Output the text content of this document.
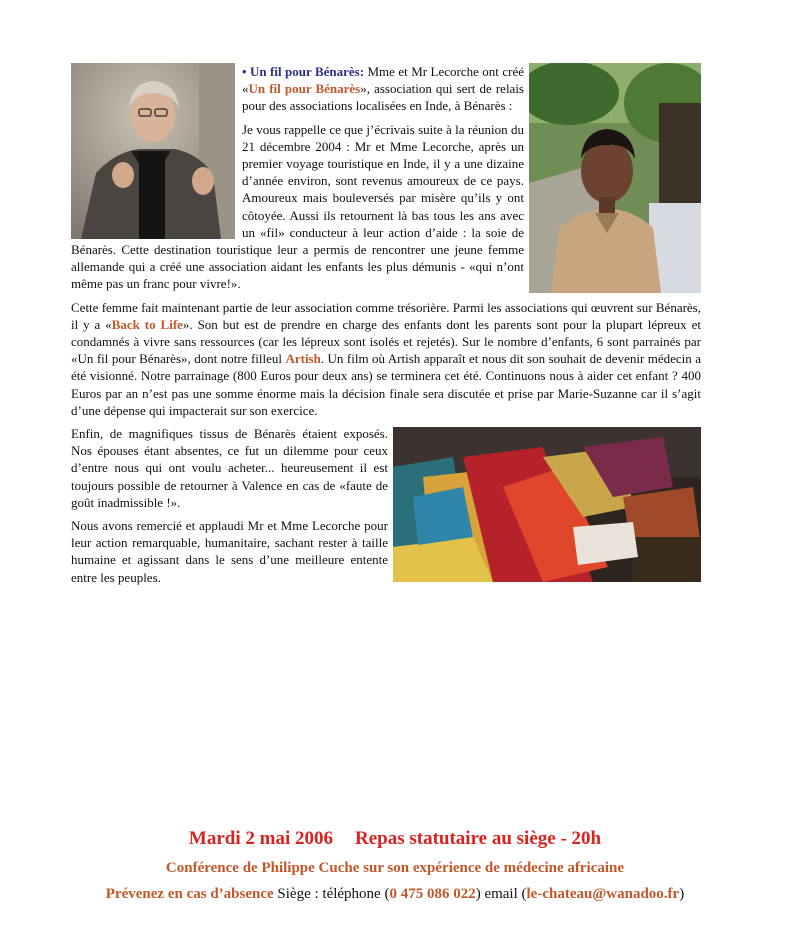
• Un fil pour Bénarès: Mme et Mr Lecorche ont créé «Un fil pour Bénarès», association qui sert de relais pour des associations localisées en Inde, à Bénarès :

Je vous rappelle ce que j’écrivais suite à la réunion du 21 décembre 2004 : Mr et Mme Lecorche, après un premier voyage touristique en Inde, il y a une dizaine d’année environ, sont revenus amoureux de ce pays. Amoureux mais bouleversés par misère qu’ils y ont côtoyée. Aussi ils retournent là bas tous les ans avec un «fil» conducteur à leur action d’aide : la soie de Bénarès. Cette destination touristique leur a permis de rencontrer une jeune femme allemande qui a créé une association aidant les enfants les plus démunis - «qui n’ont même pas un franc pour vivre!».

Cette femme fait maintenant partie de leur association comme trésorière. Parmi les associations qui œuvrent sur Bénarès, il y a «Back to Life». Son but est de prendre en charge des enfants dont les parents sont pour la plupart lépreux et condamnés à vivre sans ressources (car les lépreux sont isolés et rejetés). Sur le nombre d’enfants, 6 sont parrainés par «Un fil pour Bénarès», dont notre filleul Artish. Un film où Artish apparaît et nous dit son souhait de devenir médecin a été visionné. Notre parrainage (800 Euros pour deux ans) se terminera cet été. Continuons nous à aider cet enfant ? 400 Euros par an n’est pas une somme énorme mais la décision finale sera discutée et prise par Marie-Suzanne car il s’agit d’une dépense qui impacterait sur son exercice.

Enfin, de magnifiques tissus de Bénarès étaient exposés. Nos épouses étant absentes, ce fut un dilemme pour ceux d’entre nous qui ont voulu acheter... heureusement il est toujours possible de retourner à Valence en cas de «faute de goût inadmissible !».

Nous avons remercié et applaudi Mr et Mme Lecorche pour leur action remarquable, humanitaire, sachant rester à taille humaine et agissant dans le sens d’une meilleure entente entre les peuples.

Mardi 2 mai 2006 Repas statutaire au siège - 20h
Conférence de Philippe Cuche sur son expérience de médecine africaine
Prévenez en cas d’absence Siège : téléphone (0 475 086 022) email (le-chateau@wanadoo.fr)
